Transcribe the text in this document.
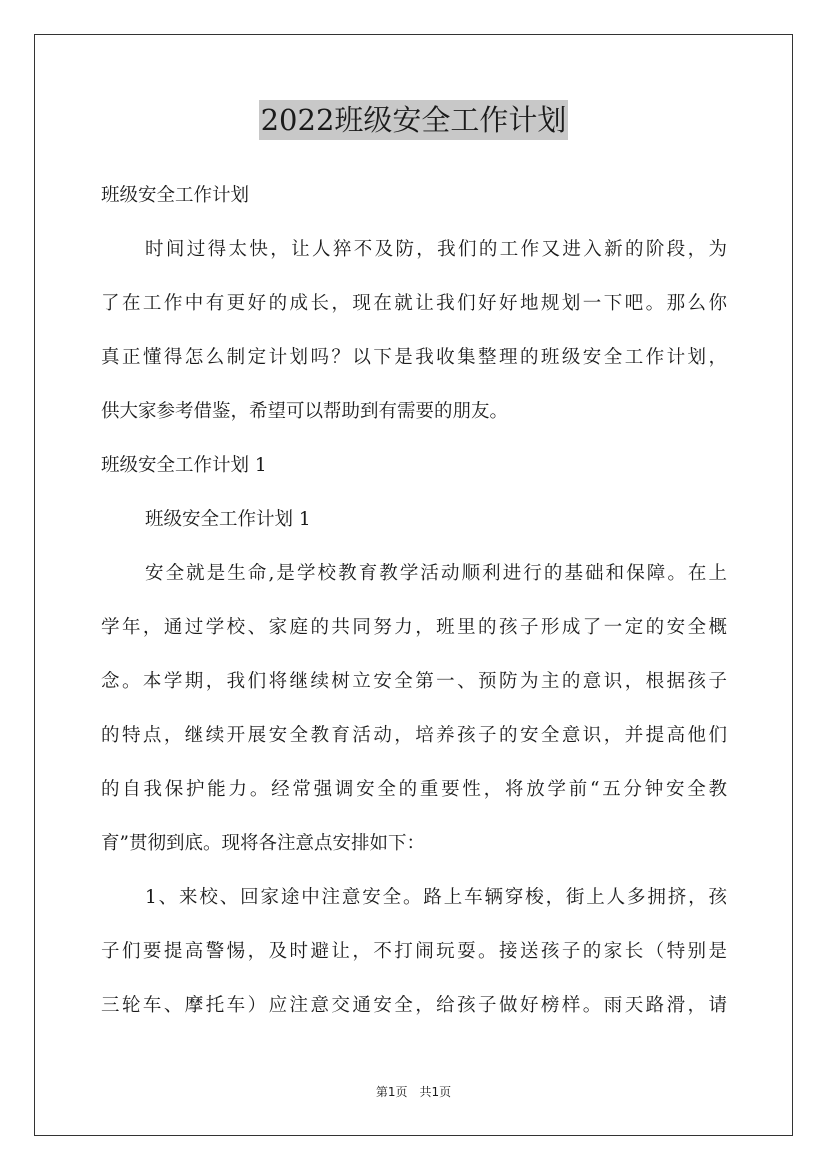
2022班级安全工作计划
班级安全工作计划
时间过得太快，让人猝不及防，我们的工作又进入新的阶段，为
了在工作中有更好的成长，现在就让我们好好地规划一下吧。那么你
真正懂得怎么制定计划吗？以下是我收集整理的班级安全工作计划，
供大家参考借鉴，希望可以帮助到有需要的朋友。
班级安全工作计划 1
班级安全工作计划 1
安全就是生命,是学校教育教学活动顺利进行的基础和保障。在上
学年，通过学校、家庭的共同努力，班里的孩子形成了一定的安全概
念。本学期，我们将继续树立安全第一、预防为主的意识，根据孩子
的特点，继续开展安全教育活动，培养孩子的安全意识，并提高他们
的自我保护能力。经常强调安全的重要性，将放学前“五分钟安全教
育”贯彻到底。现将各注意点安排如下：
1、来校、回家途中注意安全。路上车辆穿梭，街上人多拥挤，孩
子们要提高警惕，及时避让，不打闹玩耍。接送孩子的家长（特别是
三轮车、摩托车）应注意交通安全，给孩子做好榜样。雨天路滑，请
第1页 共1页
